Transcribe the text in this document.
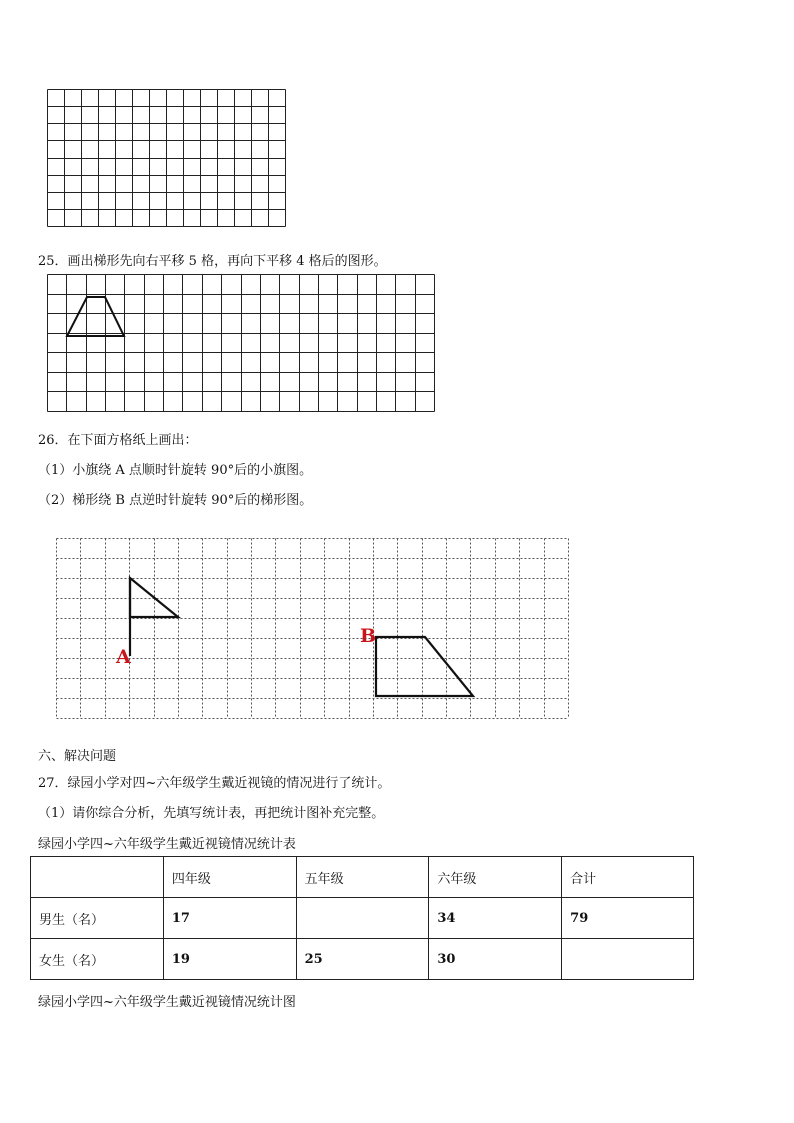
25．画出梯形先向右平移 5 格，再向下平移 4 格后的图形。
26．在下面方格纸上画出：
（1）小旗绕 A 点顺时针旋转 90°后的小旗图。
（2）梯形绕 B 点逆时针旋转 90°后的梯形图。
A
B
六、解决问题
27．绿园小学对四~六年级学生戴近视镜的情况进行了统计。
（1）请你综合分析，先填写统计表，再把统计图补充完整。
绿园小学四~六年级学生戴近视镜情况统计表
	四年级	五年级	六年级	合计
男生（名）	17		34	79
女生（名）	19	25	30	
绿园小学四~六年级学生戴近视镜情况统计图
